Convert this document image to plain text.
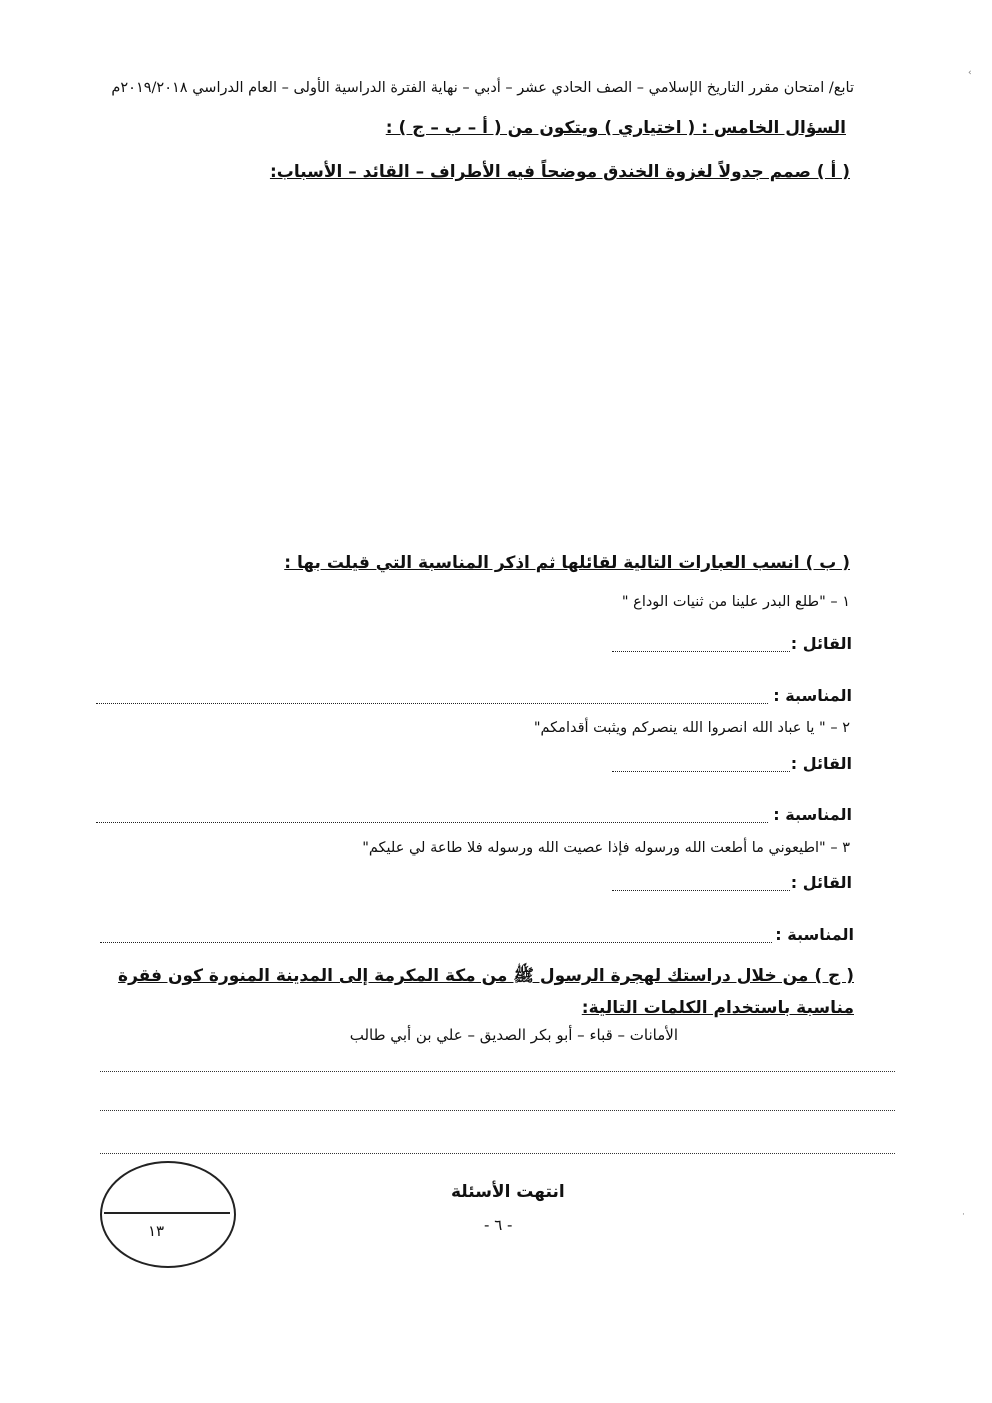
تابع/ امتحان مقرر التاريخ الإسلامي – الصف الحادي عشر – أدبي – نهاية الفترة الدراسية الأولى – العام الدراسي ٢٠١٩/٢٠١٨م
السؤال الخامس : ( اختياري ) ويتكون من ( أ – ب – ج ) :
( أ ) صمم جدولاً لغزوة الخندق موضحاً فيه الأطراف – القائد – الأسباب:
( ب ) انسب العبارات التالية لقائلها ثم اذكر المناسبة التي قيلت بها :
١ – "طلع البدر علينا من ثنيات الوداع "
القائل :
المناسبة :
٢ – " يا عباد الله انصروا الله ينصركم ويثبت أقدامكم"
القائل :
المناسبة :
٣ – "اطيعوني ما أطعت الله ورسوله فإذا عصيت الله ورسوله فلا طاعة لي عليكم"
القائل :
المناسبة :
( ج ) من خلال دراستك لهجرة الرسول ﷺ من مكة المكرمة إلى المدينة المنورة كون فقرة
مناسبة باستخدام الكلمات التالية:
الأمانات – قباء – أبو بكر الصديق – علي بن أبي طالب
انتهت الأسئلة
- ٦ -
١٣
‹
·
